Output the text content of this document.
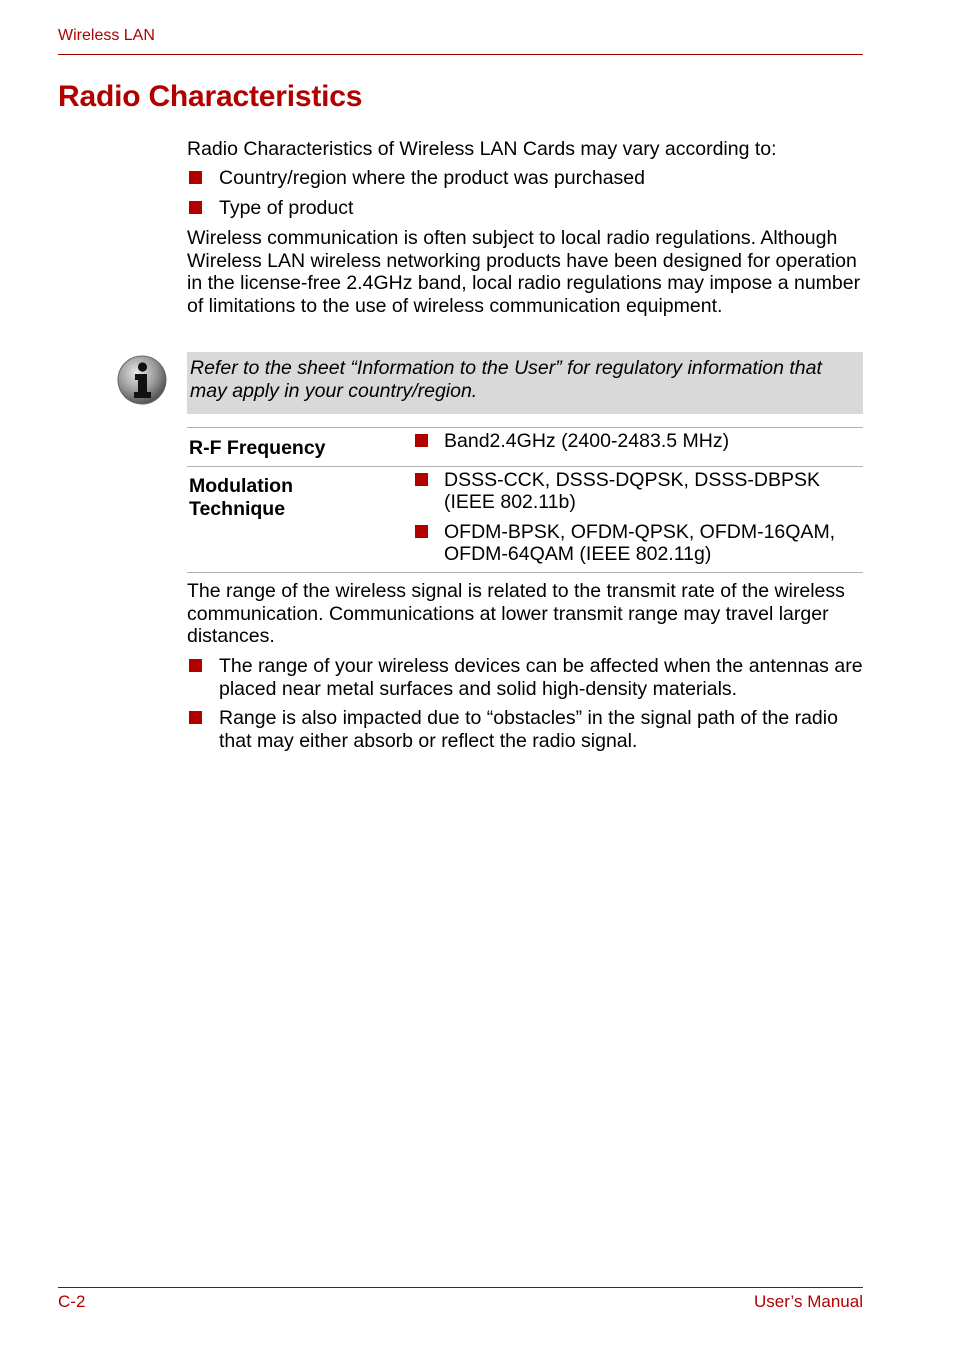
Wireless LAN
Radio Characteristics
Radio Characteristics of Wireless LAN Cards may vary according to:
Country/region where the product was purchased
Type of product
Wireless communication is often subject to local radio regulations. Although Wireless LAN wireless networking products have been designed for operation in the license-free 2.4GHz band, local radio regulations may impose a number of limitations to the use of wireless communication equipment.
Refer to the sheet “Information to the User” for regulatory information that may apply in your country/region.
R-F Frequency	Band2.4GHz (2400-2483.5 MHz)
Modulation
Technique
DSSS-CCK, DSSS-DQPSK, DSSS-DBPSK (IEEE 802.11b)
OFDM-BPSK, OFDM-QPSK, OFDM-16QAM, OFDM-64QAM (IEEE 802.11g)
The range of the wireless signal is related to the transmit rate of the wireless communication. Communications at lower transmit range may travel larger distances.
The range of your wireless devices can be affected when the antennas are placed near metal surfaces and solid high-density materials.
Range is also impacted due to “obstacles” in the signal path of the radio that may either absorb or reflect the radio signal.
C-2	User’s Manual
